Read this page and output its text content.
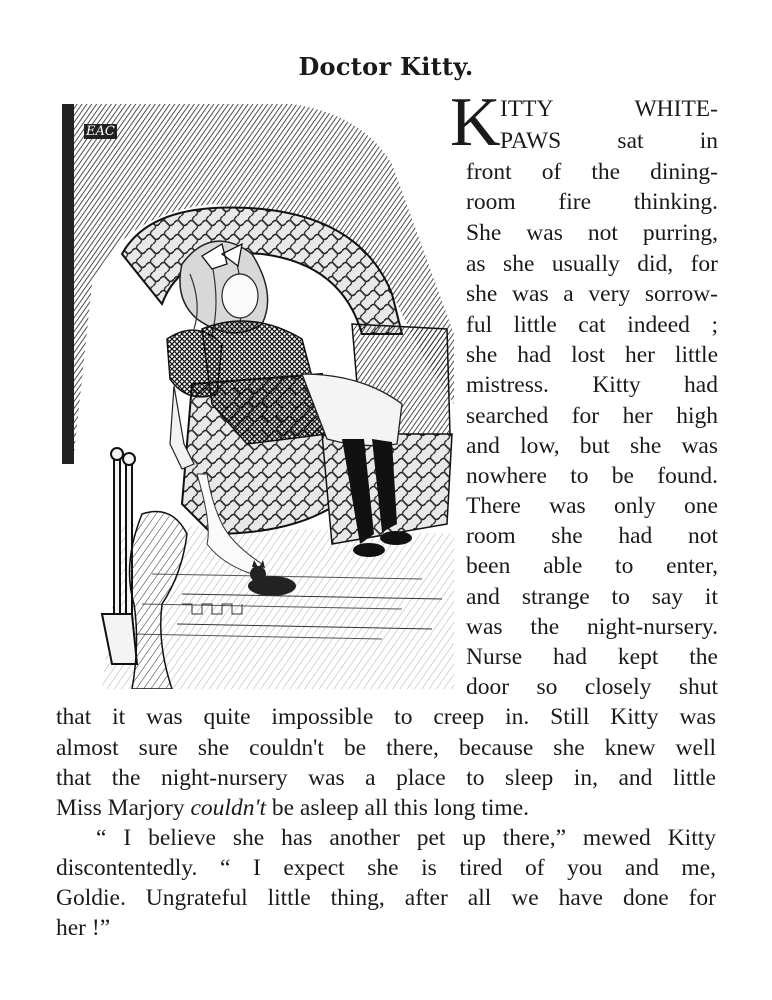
Doctor Kitty.
EAC	K ITTY WHITE-
PAWS sat in
front of the dining-
room fire thinking.
She was not purring,
as she usually did, for
she was a very sorrow-
ful little cat indeed ;
she had lost her little
mistress. Kitty had
searched for her high
and low, but she was
nowhere to be found.
There was only one
room she had not
been able to enter,
and strange to say it
was the night-nursery.
Nurse had kept the
door so closely shut
that it was quite impossible to creep in. Still Kitty was
almost sure she couldn't be there, because she knew well
that the night-nursery was a place to sleep in, and little
Miss Marjory couldn't be asleep all this long time.
“ I believe she has another pet up there,” mewed Kitty
discontentedly. “ I expect she is tired of you and me,
Goldie. Ungrateful little thing, after all we have done for
her !”
